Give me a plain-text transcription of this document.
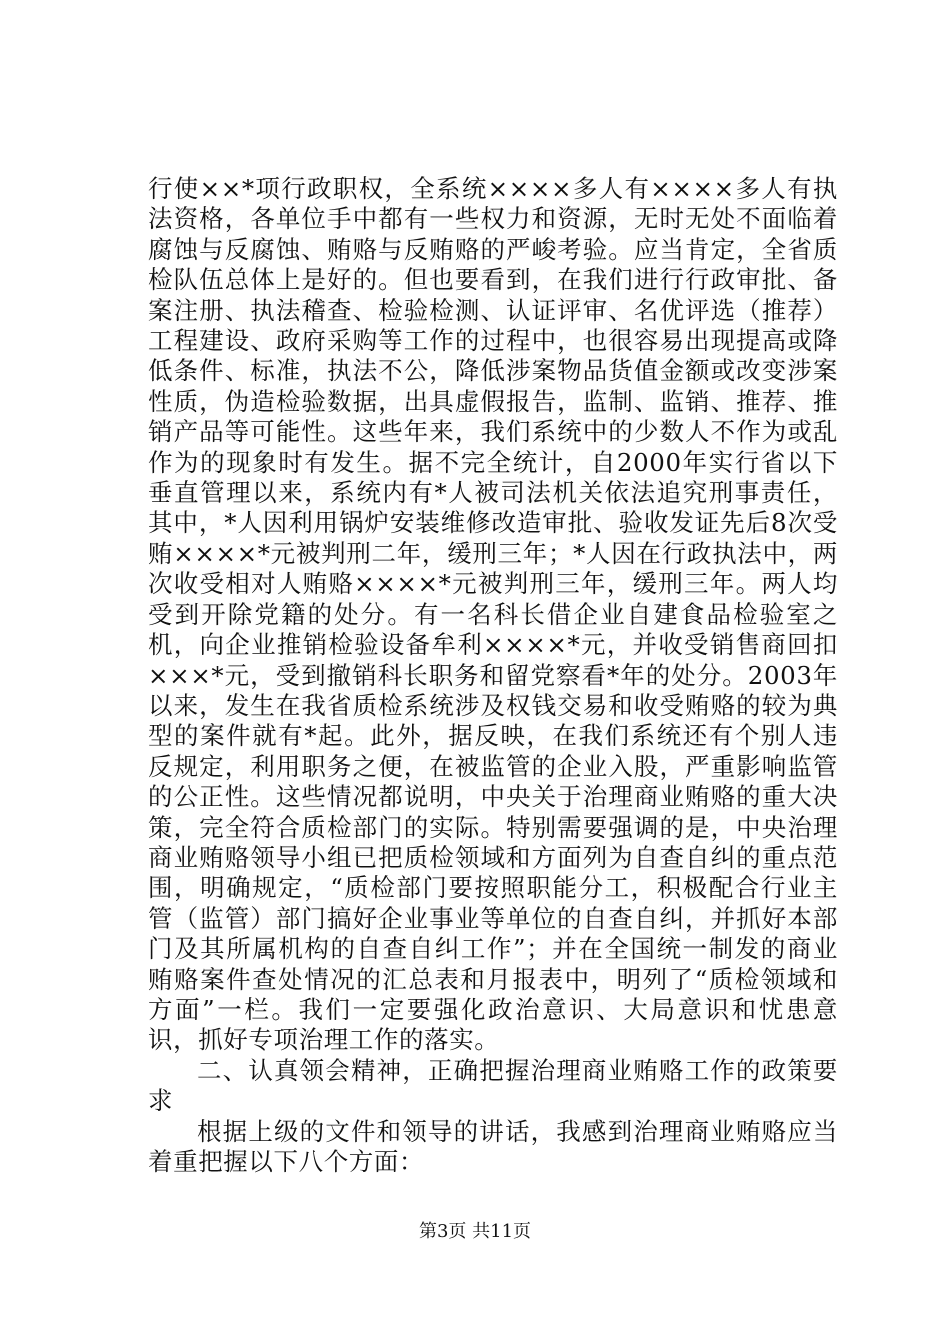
行使××*项行政职权，全系统××××多人有××××多人有执法资格，各单位手中都有一些权力和资源，无时无处不面临着腐蚀与反腐蚀、贿赂与反贿赂的严峻考验。应当肯定，全省质检队伍总体上是好的。但也要看到，在我们进行行政审批、备案注册、执法稽查、检验检测、认证评审、名优评选（推荐）工程建设、政府采购等工作的过程中，也很容易出现提高或降低条件、标准，执法不公，降低涉案物品货值金额或改变涉案性质，伪造检验数据，出具虚假报告，监制、监销、推荐、推销产品等可能性。这些年来，我们系统中的少数人不作为或乱作为的现象时有发生。据不完全统计，自2000年实行省以下垂直管理以来，系统内有*人被司法机关依法追究刑事责任，其中，*人因利用锅炉安装维修改造审批、验收发证先后8次受贿××××*元被判刑二年，缓刑三年；*人因在行政执法中，两次收受相对人贿赂××××*元被判刑三年，缓刑三年。两人均受到开除党籍的处分。有一名科长借企业自建食品检验室之机，向企业推销检验设备牟利××××*元，并收受销售商回扣×××*元，受到撤销科长职务和留党察看*年的处分。2003年以来，发生在我省质检系统涉及权钱交易和收受贿赂的较为典型的案件就有*起。此外，据反映，在我们系统还有个别人违反规定，利用职务之便，在被监管的企业入股，严重影响监管的公正性。这些情况都说明，中央关于治理商业贿赂的重大决策，完全符合质检部门的实际。特别需要强调的是，中央治理商业贿赂领导小组已把质检领域和方面列为自查自纠的重点范围，明确规定，“质检部门要按照职能分工，积极配合行业主管（监管）部门搞好企业事业等单位的自查自纠，并抓好本部门及其所属机构的自查自纠工作”；并在全国统一制发的商业贿赂案件查处情况的汇总表和月报表中，明列了“质检领域和方面”一栏。我们一定要强化政治意识、大局意识和忧患意识，抓好专项治理工作的落实。

二、认真领会精神，正确把握治理商业贿赂工作的政策要求

根据上级的文件和领导的讲话，我感到治理商业贿赂应当着重把握以下八个方面：

第3页 共11页
